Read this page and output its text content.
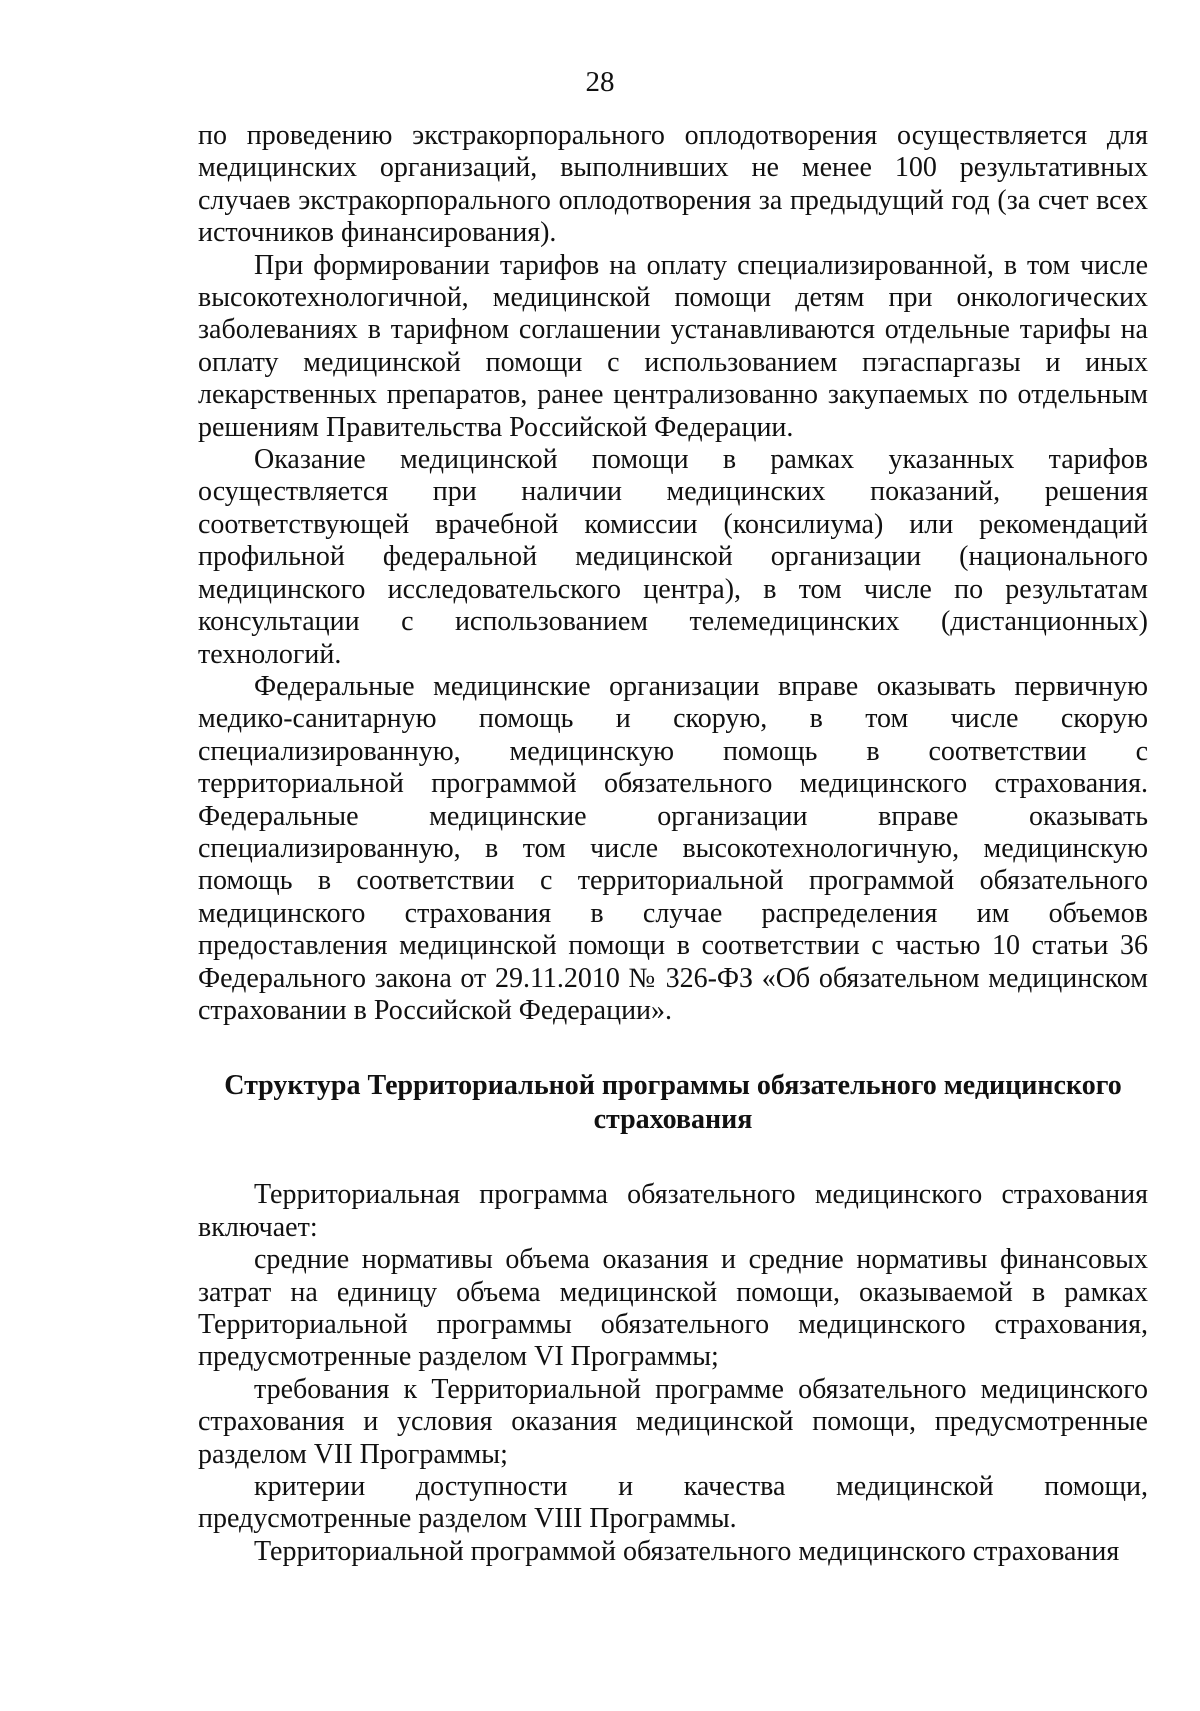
28

по проведению экстракорпорального оплодотворения осуществляется для медицинских организаций, выполнивших не менее 100 результативных случаев экстракорпорального оплодотворения за предыдущий год (за счет всех источников финансирования).

При формировании тарифов на оплату специализированной, в том числе высокотехнологичной, медицинской помощи детям при онкологических заболеваниях в тарифном соглашении устанавливаются отдельные тарифы на оплату медицинской помощи с использованием пэгаспаргазы и иных лекарственных препаратов, ранее централизованно закупаемых по отдельным решениям Правительства Российской Федерации.

Оказание медицинской помощи в рамках указанных тарифов осуществляется при наличии медицинских показаний, решения соответствующей врачебной комиссии (консилиума) или рекомендаций профильной федеральной медицинской организации (национального медицинского исследовательского центра), в том числе по результатам консультации с использованием телемедицинских (дистанционных) технологий.

Федеральные медицинские организации вправе оказывать первичную медико-санитарную помощь и скорую, в том числе скорую специализированную, медицинскую помощь в соответствии с территориальной программой обязательного медицинского страхования. Федеральные медицинские организации вправе оказывать специализированную, в том числе высокотехнологичную, медицинскую помощь в соответствии с территориальной программой обязательного медицинского страхования в случае распределения им объемов предоставления медицинской помощи в соответствии с частью 10 статьи 36 Федерального закона от 29.11.2010 № 326-ФЗ «Об обязательном медицинском страховании в Российской Федерации».

Структура Территориальной программы обязательного медицинского страхования

Территориальная программа обязательного медицинского страхования включает:

средние нормативы объема оказания и средние нормативы финансовых затрат на единицу объема медицинской помощи, оказываемой в рамках Территориальной программы обязательного медицинского страхования, предусмотренные разделом VI Программы;

требования к Территориальной программе обязательного медицинского страхования и условия оказания медицинской помощи, предусмотренные разделом VII Программы;

критерии доступности и качества медицинской помощи, предусмотренные разделом VIII Программы.

Территориальной программой обязательного медицинского страхования
